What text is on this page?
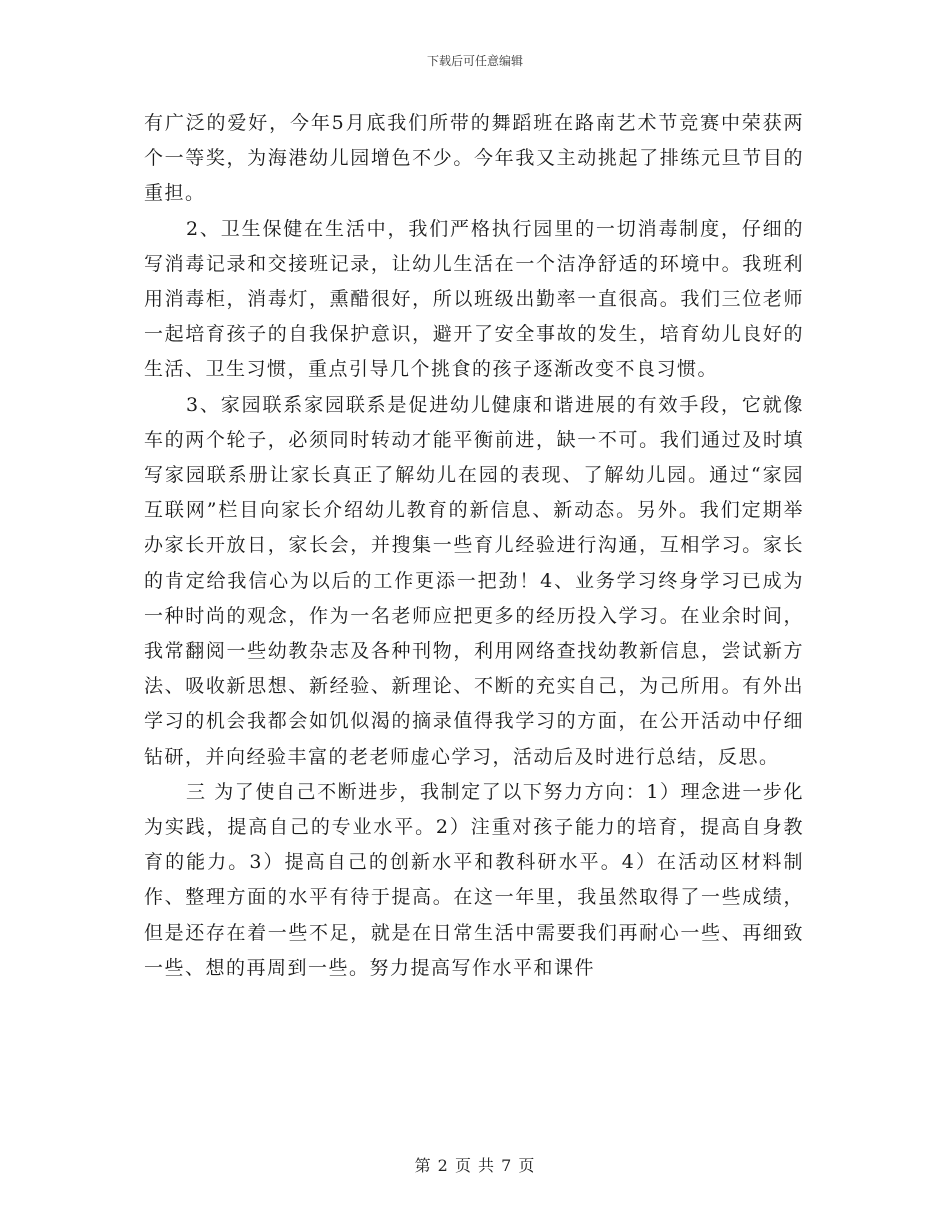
下载后可任意编辑

有广泛的爱好，今年5月底我们所带的舞蹈班在路南艺术节竞赛中荣获两个一等奖，为海港幼儿园增色不少。今年我又主动挑起了排练元旦节目的重担。

2、卫生保健在生活中，我们严格执行园里的一切消毒制度，仔细的写消毒记录和交接班记录，让幼儿生活在一个洁净舒适的环境中。我班利用消毒柜，消毒灯，熏醋很好，所以班级出勤率一直很高。我们三位老师一起培育孩子的自我保护意识，避开了安全事故的发生，培育幼儿良好的生活、卫生习惯，重点引导几个挑食的孩子逐渐改变不良习惯。

3、家园联系家园联系是促进幼儿健康和谐进展的有效手段，它就像车的两个轮子，必须同时转动才能平衡前进，缺一不可。我们通过及时填写家园联系册让家长真正了解幼儿在园的表现、了解幼儿园。通过“家园互联网”栏目向家长介绍幼儿教育的新信息、新动态。另外。我们定期举办家长开放日，家长会，并搜集一些育儿经验进行沟通，互相学习。家长的肯定给我信心为以后的工作更添一把劲！4、业务学习终身学习已成为一种时尚的观念，作为一名老师应把更多的经历投入学习。在业余时间，我常翻阅一些幼教杂志及各种刊物，利用网络查找幼教新信息，尝试新方法、吸收新思想、新经验、新理论、不断的充实自己，为己所用。有外出学习的机会我都会如饥似渴的摘录值得我学习的方面，在公开活动中仔细钻研，并向经验丰富的老老师虚心学习，活动后及时进行总结，反思。

三 为了使自己不断进步，我制定了以下努力方向：1）理念进一步化为实践，提高自己的专业水平。2）注重对孩子能力的培育，提高自身教育的能力。3）提高自己的创新水平和教科研水平。4）在活动区材料制作、整理方面的水平有待于提高。在这一年里，我虽然取得了一些成绩，但是还存在着一些不足，就是在日常生活中需要我们再耐心一些、再细致一些、想的再周到一些。努力提高写作水平和课件

第 2 页 共 7 页
